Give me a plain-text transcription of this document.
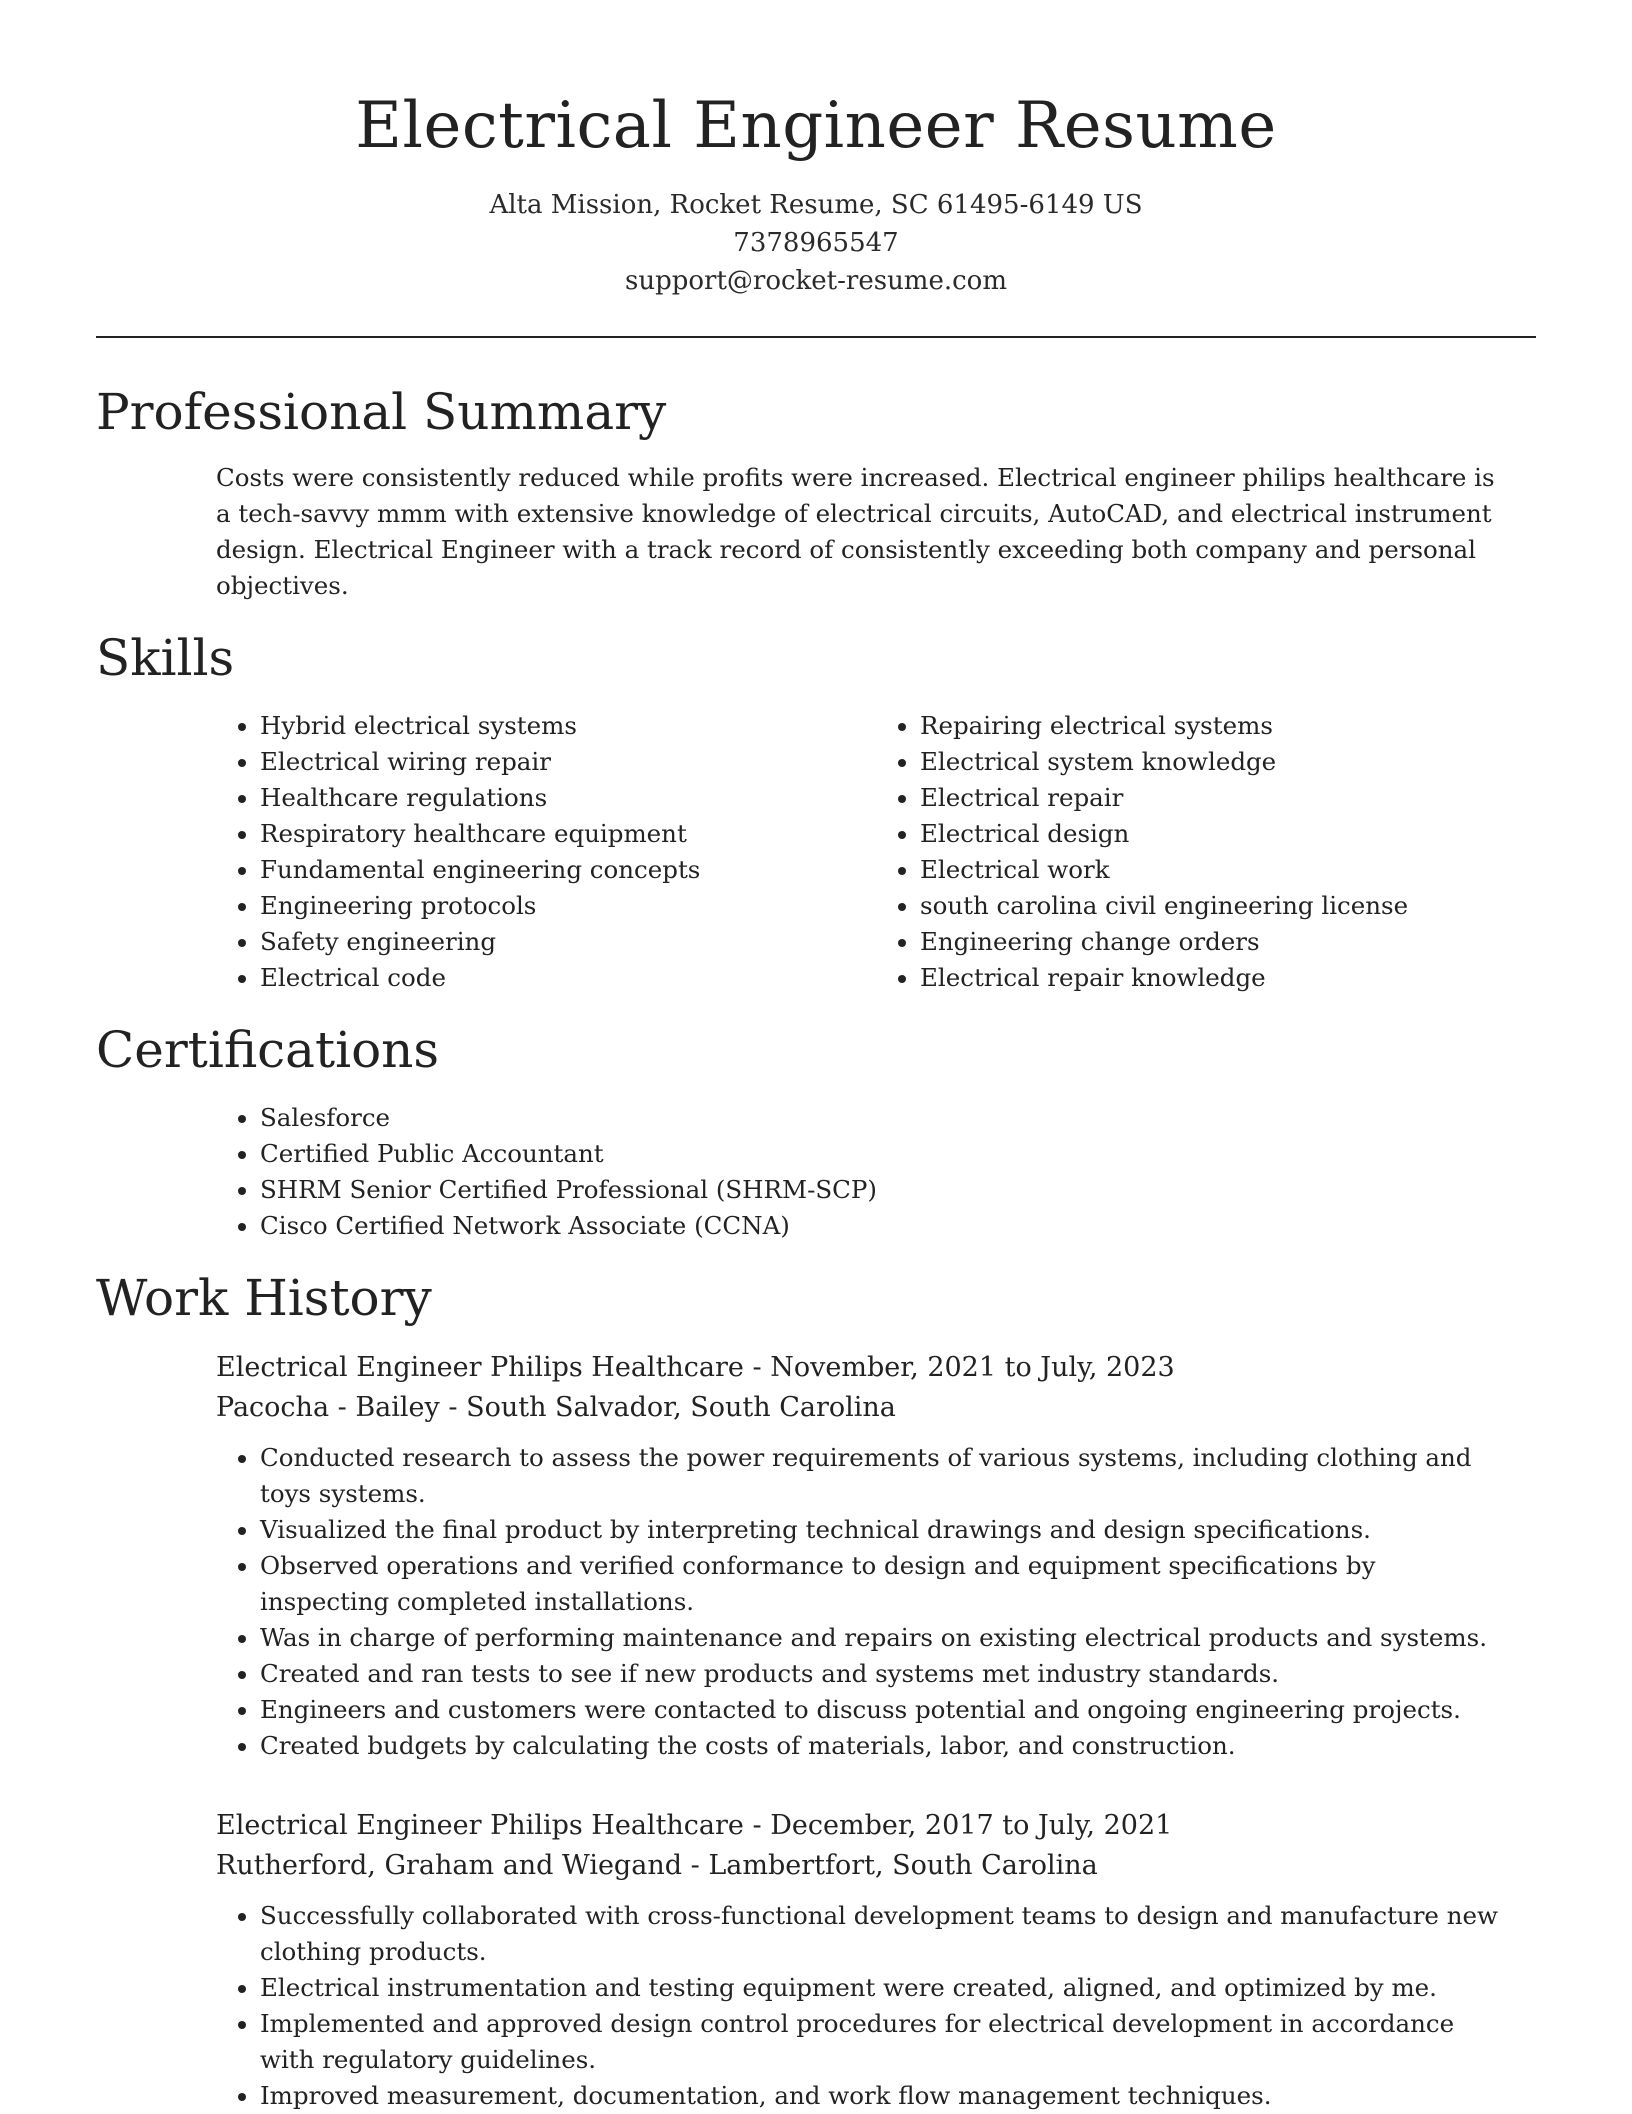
Electrical Engineer Resume
Alta Mission, Rocket Resume, SC 61495-6149 US
7378965547
support@rocket-resume.com
Professional Summary
Costs were consistently reduced while profits were increased. Electrical engineer philips healthcare is a tech-savvy mmm with extensive knowledge of electrical circuits, AutoCAD, and electrical instrument design. Electrical Engineer with a track record of consistently exceeding both company and personal objectives.
Skills
• Hybrid electrical systems
• Electrical wiring repair
• Healthcare regulations
• Respiratory healthcare equipment
• Fundamental engineering concepts
• Engineering protocols
• Safety engineering
• Electrical code
• Repairing electrical systems
• Electrical system knowledge
• Electrical repair
• Electrical design
• Electrical work
• south carolina civil engineering license
• Engineering change orders
• Electrical repair knowledge
Certifications
• Salesforce
• Certified Public Accountant
• SHRM Senior Certified Professional (SHRM-SCP)
• Cisco Certified Network Associate (CCNA)
Work History
Electrical Engineer Philips Healthcare - November, 2021 to July, 2023
Pacocha - Bailey - South Salvador, South Carolina
• Conducted research to assess the power requirements of various systems, including clothing and toys systems.
• Visualized the final product by interpreting technical drawings and design specifications.
• Observed operations and verified conformance to design and equipment specifications by inspecting completed installations.
• Was in charge of performing maintenance and repairs on existing electrical products and systems.
• Created and ran tests to see if new products and systems met industry standards.
• Engineers and customers were contacted to discuss potential and ongoing engineering projects.
• Created budgets by calculating the costs of materials, labor, and construction.
Electrical Engineer Philips Healthcare - December, 2017 to July, 2021
Rutherford, Graham and Wiegand - Lambertfort, South Carolina
• Successfully collaborated with cross-functional development teams to design and manufacture new clothing products.
• Electrical instrumentation and testing equipment were created, aligned, and optimized by me.
• Implemented and approved design control procedures for electrical development in accordance with regulatory guidelines.
• Improved measurement, documentation, and work flow management techniques.
